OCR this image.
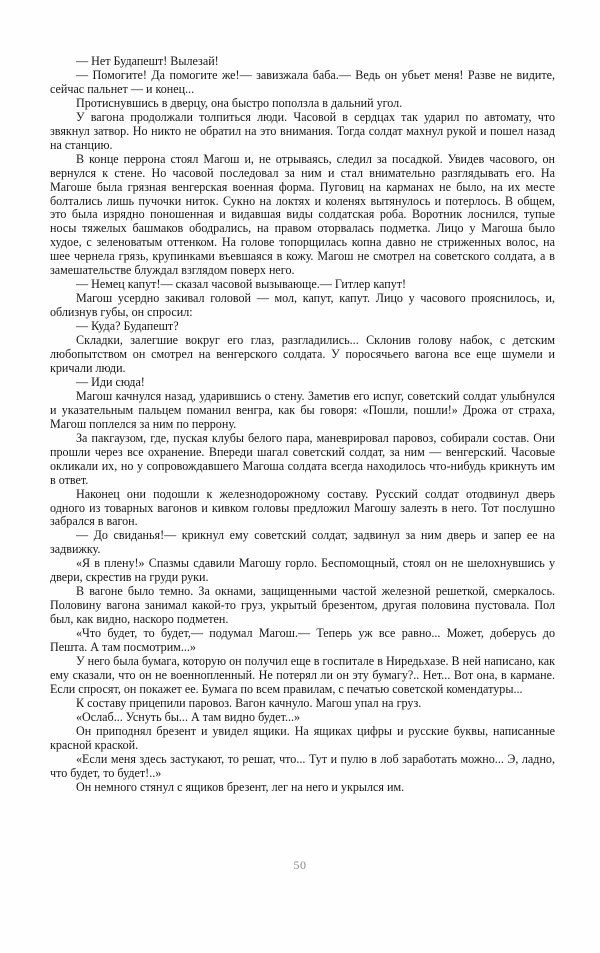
— Нет Будапешт! Вылезай!

— Помогите! Да помогите же!— завизжала баба.— Ведь он убьет меня! Разве не видите, сейчас пальнет — и конец...

Протиснувшись в дверцу, она быстро поползла в дальний угол.

У вагона продолжали толпиться люди. Часовой в сердцах так ударил по автомату, что звякнул затвор. Но никто не обратил на это внимания. Тогда солдат махнул рукой и пошел назад на станцию.

В конце перрона стоял Магош и, не отрываясь, следил за посадкой. Увидев часового, он вернулся к стене. Но часовой последовал за ним и стал внимательно разглядывать его. На Магоше была грязная венгерская военная форма. Пуговиц на карманах не было, на их месте болтались лишь пучочки ниток. Сукно на локтях и коленях вытянулось и потерлось. В общем, это была изрядно поношенная и видавшая виды солдатская роба. Воротник лоснился, тупые носы тяжелых башмаков ободрались, на правом оторвалась подметка. Лицо у Магоша было худое, с зеленоватым оттенком. На голове топорщилась копна давно не стриженных волос, на шее чернела грязь, крупинками въевшаяся в кожу. Магош не смотрел на советского солдата, а в замешательстве блуждал взглядом поверх него.

— Немец капут!— сказал часовой вызывающе.— Гитлер капут!

Магош усердно закивал головой — мол, капут, капут. Лицо у часового прояснилось, и, облизнув губы, он спросил:

— Куда? Будапешт?

Складки, залегшие вокруг его глаз, разгладились... Склонив голову набок, с детским любопытством он смотрел на венгерского солдата. У поросячьего вагона все еще шумели и кричали люди.

— Иди сюда!

Магош качнулся назад, ударившись о стену. Заметив его испуг, советский солдат улыбнулся и указательным пальцем поманил венгра, как бы говоря: «Пошли, пошли!» Дрожа от страха, Магош поплелся за ним по перрону.

За пакгаузом, где, пуская клубы белого пара, маневрировал паровоз, собирали состав. Они прошли через все охранение. Впереди шагал советский солдат, за ним — венгерский. Часовые окликали их, но у сопровождавшего Магоша солдата всегда находилось что-нибудь крикнуть им в ответ.

Наконец они подошли к железнодорожному составу. Русский солдат отодвинул дверь одного из товарных вагонов и кивком головы предложил Магошу залезть в него. Тот послушно забрался в вагон.

— До свиданья!— крикнул ему советский солдат, задвинул за ним дверь и запер ее на задвижку.

«Я в плену!» Спазмы сдавили Магошу горло. Беспомощный, стоял он не шелохнувшись у двери, скрестив на груди руки.

В вагоне было темно. За окнами, защищенными частой железной решеткой, смеркалось. Половину вагона занимал какой-то груз, укрытый брезентом, другая половина пустовала. Пол был, как видно, наскоро подметен.

«Что будет, то будет,— подумал Магош.— Теперь уж все равно... Может, доберусь до Пешта. А там посмотрим...»

У него была бумага, которую он получил еще в госпитале в Ниредьхазе. В ней написано, как ему сказали, что он не военнопленный. Не потерял ли он эту бумагу?.. Нет... Вот она, в кармане. Если спросят, он покажет ее. Бумага по всем правилам, с печатью советской комендатуры...

К составу прицепили паровоз. Вагон качнуло. Магош упал на груз.

«Ослаб... Уснуть бы... А там видно будет...»

Он приподнял брезент и увидел ящики. На ящиках цифры и русские буквы, написанные красной краской.

«Если меня здесь застукают, то решат, что... Тут и пулю в лоб заработать можно... Э, ладно, что будет, то будет!..»

Он немного стянул с ящиков брезент, лег на него и укрылся им.

50
